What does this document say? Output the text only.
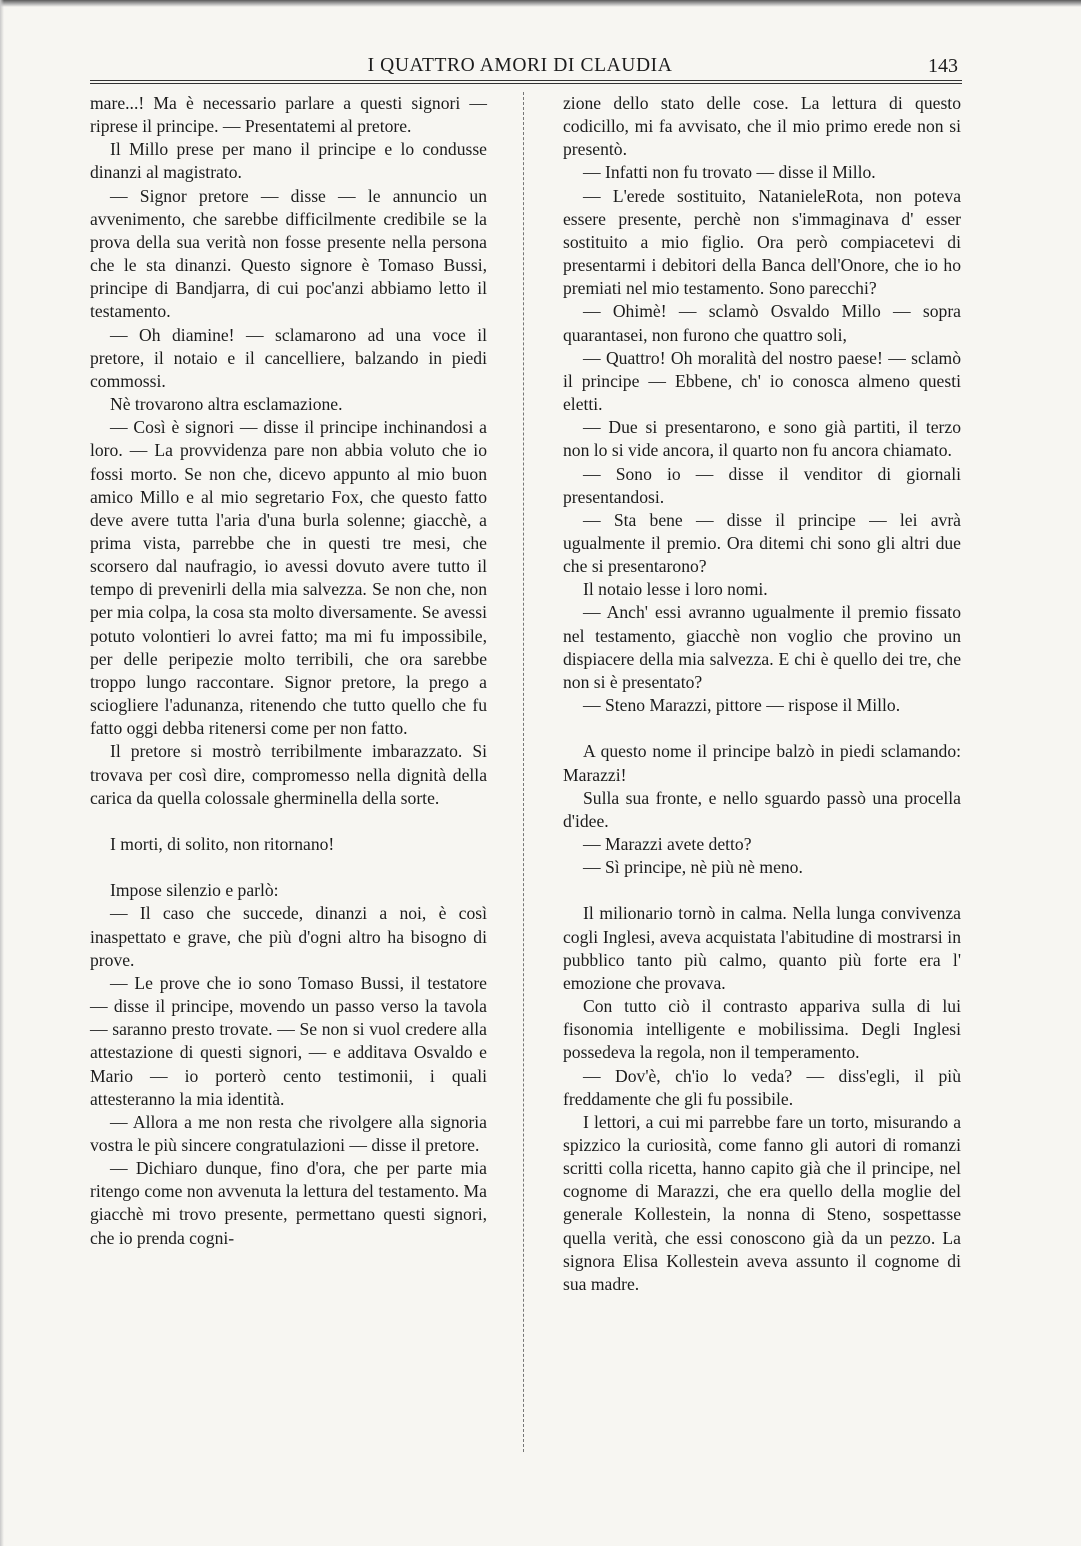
I QUATTRO AMORI DI CLAUDIA	143

mare...! Ma è necessario parlare a questi signori — riprese il principe. — Presentatemi al pretore.

Il Millo prese per mano il principe e lo condusse dinanzi al magistrato.

— Signor pretore — disse — le annuncio un avvenimento, che sarebbe difficilmente credibile se la prova della sua verità non fosse presente nella persona che le sta dinanzi. Questo signore è Tomaso Bussi, principe di Bandjarra, di cui poc'anzi abbiamo letto il testamento.

— Oh diamine! — sclamarono ad una voce il pretore, il notaio e il cancelliere, balzando in piedi commossi.

Nè trovarono altra esclamazione.

— Così è signori — disse il principe inchinandosi a loro. — La provvidenza pare non abbia voluto che io fossi morto. Se non che, dicevo appunto al mio buon amico Millo e al mio segretario Fox, che questo fatto deve avere tutta l'aria d'una burla solenne; giacchè, a prima vista, parrebbe che in questi tre mesi, che scorsero dal naufragio, io avessi dovuto avere tutto il tempo di prevenirli della mia salvezza. Se non che, non per mia colpa, la cosa sta molto diversamente. Se avessi potuto volontieri lo avrei fatto; ma mi fu impossibile, per delle peripezie molto terribili, che ora sarebbe troppo lungo raccontare. Signor pretore, la prego a sciogliere l'adunanza, ritenendo che tutto quello che fu fatto oggi debba ritenersi come per non fatto.

Il pretore si mostrò terribilmente imbarazzato. Si trovava per così dire, compromesso nella dignità della carica da quella colossale gherminella della sorte.

I morti, di solito, non ritornano!

Impose silenzio e parlò:

— Il caso che succede, dinanzi a noi, è così inaspettato e grave, che più d'ogni altro ha bisogno di prove.

— Le prove che io sono Tomaso Bussi, il testatore — disse il principe, movendo un passo verso la tavola — saranno presto trovate. — Se non si vuol credere alla attestazione di questi signori, — e additava Osvaldo e Mario — io porterò cento testimonii, i quali attesteranno la mia identità.

— Allora a me non resta che rivolgere alla signoria vostra le più sincere congratulazioni — disse il pretore.

— Dichiaro dunque, fino d'ora, che per parte mia ritengo come non avvenuta la lettura del testamento. Ma giacchè mi trovo presente, permettano questi signori, che io prenda cogni-

zione dello stato delle cose. La lettura di questo codicillo, mi fa avvisato, che il mio primo erede non si presentò.

— Infatti non fu trovato — disse il Millo.

— L'erede sostituito, NatanieleRota, non poteva essere presente, perchè non s'immaginava d' esser sostituito a mio figlio. Ora però compiacetevi di presentarmi i debitori della Banca dell'Onore, che io ho premiati nel mio testamento. Sono parecchi?

— Ohimè! — sclamò Osvaldo Millo — sopra quarantasei, non furono che quattro soli,

— Quattro! Oh moralità del nostro paese! — sclamò il principe — Ebbene, ch' io conosca almeno questi eletti.

— Due si presentarono, e sono già partiti, il terzo non lo si vide ancora, il quarto non fu ancora chiamato.

— Sono io — disse il venditor di giornali presentandosi.

— Sta bene — disse il principe — lei avrà ugualmente il premio. Ora ditemi chi sono gli altri due che si presentarono?

Il notaio lesse i loro nomi.

— Anch' essi avranno ugualmente il premio fissato nel testamento, giacchè non voglio che provino un dispiacere della mia salvezza. E chi è quello dei tre, che non si è presentato?

— Steno Marazzi, pittore — rispose il Millo.

A questo nome il principe balzò in piedi sclamando: Marazzi!

Sulla sua fronte, e nello sguardo passò una procella d'idee.

— Marazzi avete detto?

— Sì principe, nè più nè meno.

Il milionario tornò in calma. Nella lunga convivenza cogli Inglesi, aveva acquistata l'abitudine di mostrarsi in pubblico tanto più calmo, quanto più forte era l' emozione che provava.

Con tutto ciò il contrasto appariva sulla di lui fisonomia intelligente e mobilissima. Degli Inglesi possedeva la regola, non il temperamento.

— Dov'è, ch'io lo veda? — diss'egli, il più freddamente che gli fu possibile.

I lettori, a cui mi parrebbe fare un torto, misurando a spizzico la curiosità, come fanno gli autori di romanzi scritti colla ricetta, hanno capito già che il principe, nel cognome di Marazzi, che era quello della moglie del generale Kollestein, la nonna di Steno, sospettasse quella verità, che essi conoscono già da un pezzo. La signora Elisa Kollestein aveva assunto il cognome di sua madre.
